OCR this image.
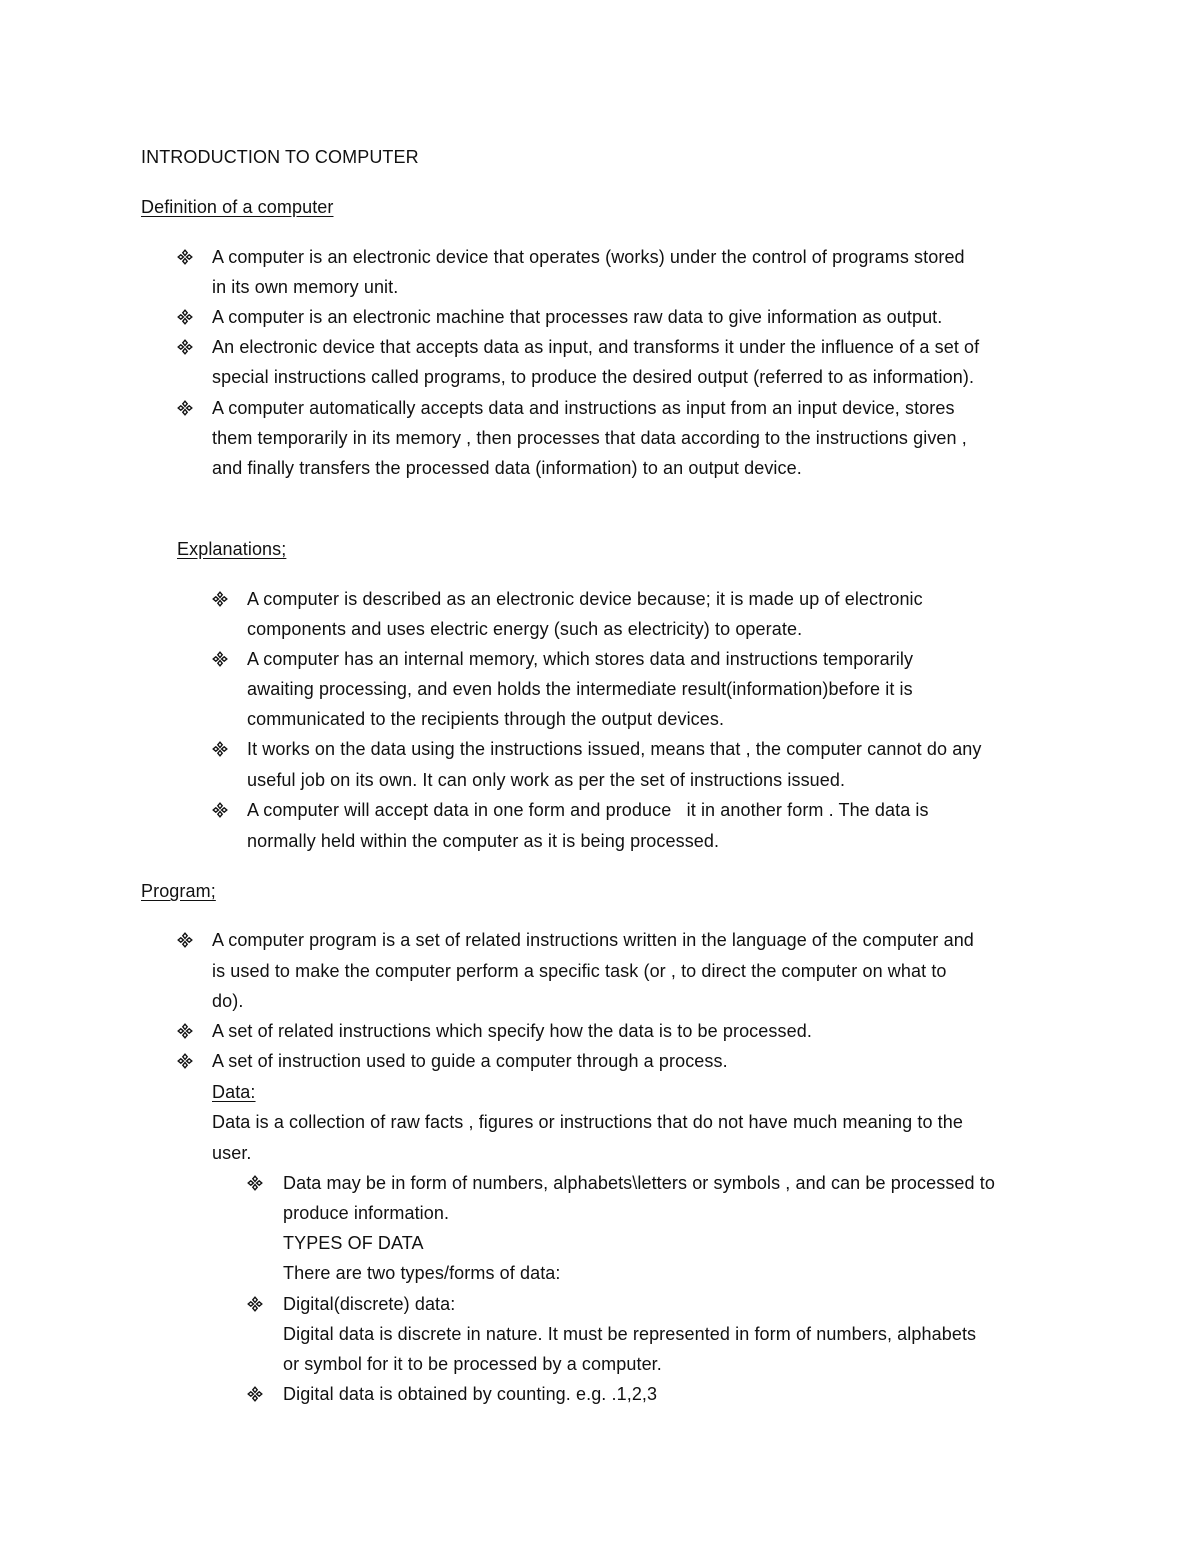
INTRODUCTION TO COMPUTER
Definition of a computer
A computer is an electronic device that operates (works) under the control of programs stored
in its own memory unit.
A computer is an electronic machine that processes raw data to give information as output.
An electronic device that accepts data as input, and transforms it under the influence of a set of
special instructions called programs, to produce the desired output (referred to as information).
A computer automatically accepts data and instructions as input from an input device, stores
them temporarily in its memory , then processes that data according to the instructions given ,
and finally transfers the processed data (information) to an output device.
Explanations;
A computer is described as an electronic device because; it is made up of electronic
components and uses electric energy (such as electricity) to operate.
A computer has an internal memory, which stores data and instructions temporarily
awaiting processing, and even holds the intermediate result(information)before it is
communicated to the recipients through the output devices.
It works on the data using the instructions issued, means that , the computer cannot do any
useful job on its own. It can only work as per the set of instructions issued.
A computer will accept data in one form and produce   it in another form . The data is
normally held within the computer as it is being processed.
Program;
A computer program is a set of related instructions written in the language of the computer and
is used to make the computer perform a specific task (or , to direct the computer on what to
do).
A set of related instructions which specify how the data is to be processed.
A set of instruction used to guide a computer through a process.
Data:
Data is a collection of raw facts , figures or instructions that do not have much meaning to the
user.
Data may be in form of numbers, alphabets\letters or symbols , and can be processed to
produce information.
TYPES OF DATA
There are two types/forms of data:
Digital(discrete) data:
Digital data is discrete in nature. It must be represented in form of numbers, alphabets
or symbol for it to be processed by a computer.
Digital data is obtained by counting. e.g. .1,2,3
